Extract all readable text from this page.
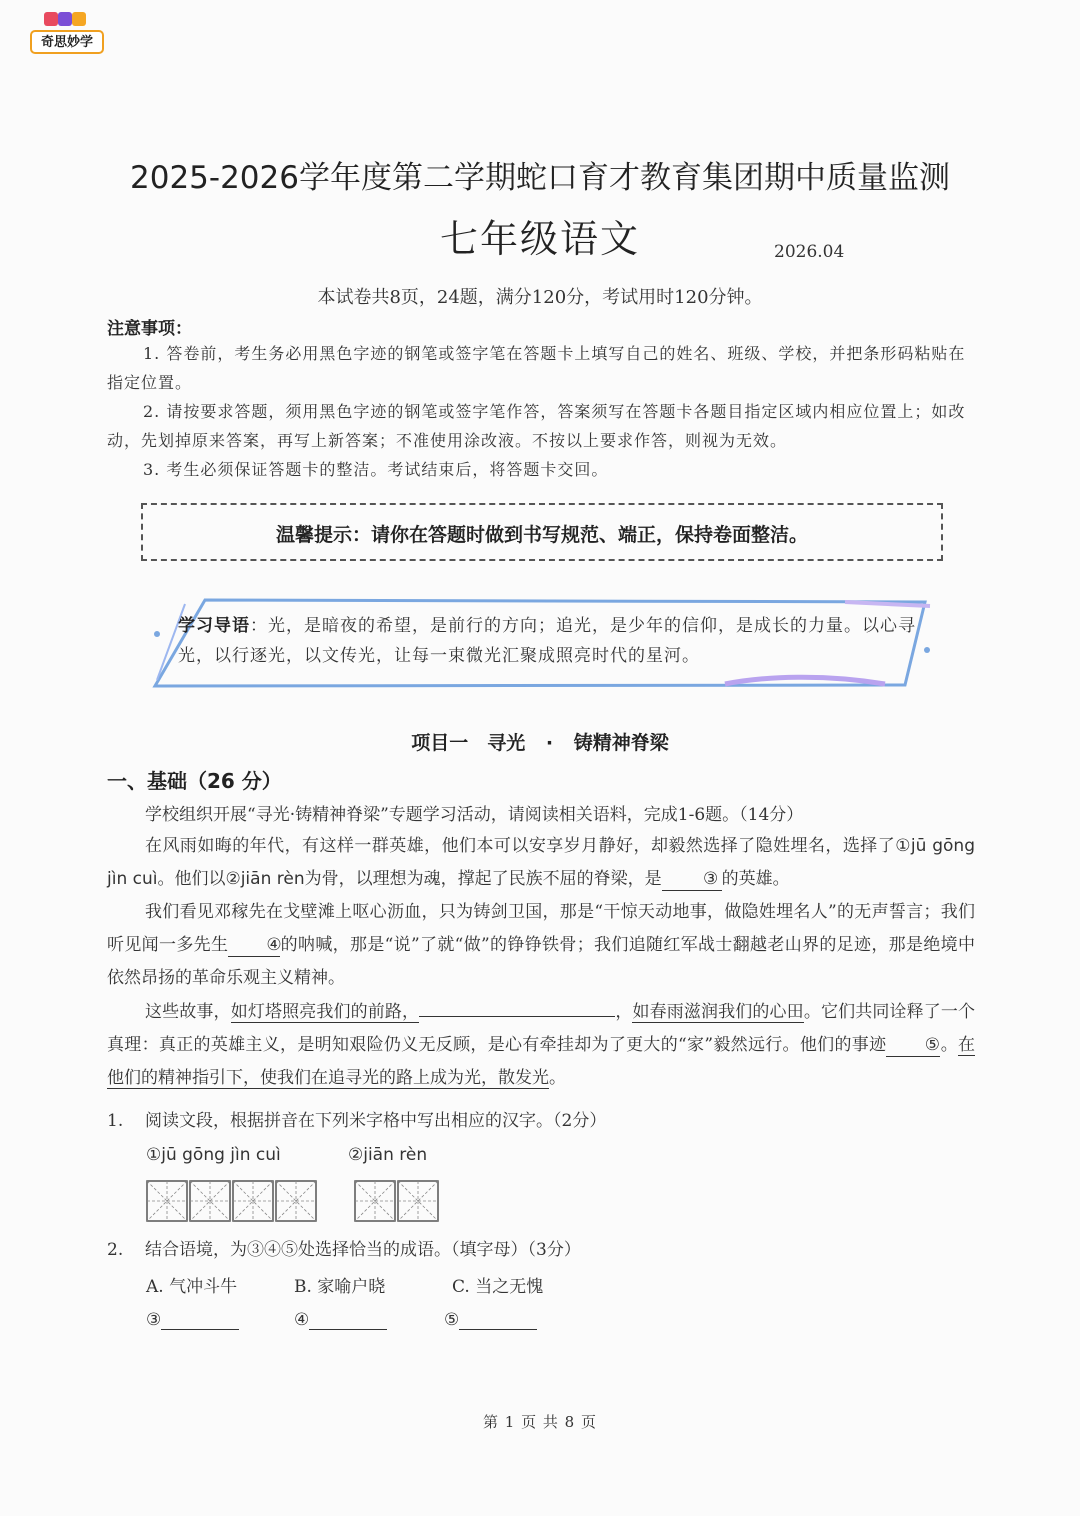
奇思妙学
2025-2026学年度第二学期蛇口育才教育集团期中质量监测
七年级语文	2026.04
本试卷共8页，24题，满分120分，考试用时120分钟。
注意事项：
1. 答卷前，考生务必用黑色字迹的钢笔或签字笔在答题卡上填写自己的姓名、班级、学校，并把条形码粘贴在指定位置。
2. 请按要求答题，须用黑色字迹的钢笔或签字笔作答，答案须写在答题卡各题目指定区域内相应位置上；如改动，先划掉原来答案，再写上新答案；不准使用涂改液。不按以上要求作答，则视为无效。
3. 考生必须保证答题卡的整洁。考试结束后，将答题卡交回。
温馨提示：请你在答题时做到书写规范、端正，保持卷面整洁。
学习导语：光，是暗夜的希望，是前行的方向；追光，是少年的信仰，是成长的力量。以心寻光，以行逐光，以文传光，让每一束微光汇聚成照亮时代的星河。
项目一　寻光 · 铸精神脊梁
一、基础（26 分）
学校组织开展“寻光·铸精神脊梁”专题学习活动，请阅读相关语料，完成1-6题。（14分）
在风雨如晦的年代，有这样一群英雄，他们本可以安享岁月静好，却毅然选择了隐姓埋名，选择了①jū gōng jìn cuì。他们以②jiān rèn为骨，以理想为魂，撑起了民族不屈的脊梁，是 ③ 的英雄。
我们看见邓稼先在戈壁滩上呕心沥血，只为铸剑卫国，那是“干惊天动地事，做隐姓埋名人”的无声誓言；我们听见闻一多先生 ④的呐喊，那是“说”了就“做”的铮铮铁骨；我们追随红军战士翻越老山界的足迹，那是绝境中依然昂扬的革命乐观主义精神。
这些故事，如灯塔照亮我们的前路，	，如春雨滋润我们的心田。它们共同诠释了一个真理：真正的英雄主义，是明知艰险仍义无反顾，是心有牵挂却为了更大的“家”毅然远行。他们的事迹 ⑤。在他们的精神指引下，使我们在追寻光的路上成为光，散发光。
1. 阅读文段，根据拼音在下列米字格中写出相应的汉字。（2分）
①jū gōng jìn cuì	②jiān rèn
2. 结合语境，为③④⑤处选择恰当的成语。（填字母）（3分）
A. 气冲斗牛	B. 家喻户晓	C. 当之无愧
③	④	⑤
第 1 页 共 8 页
